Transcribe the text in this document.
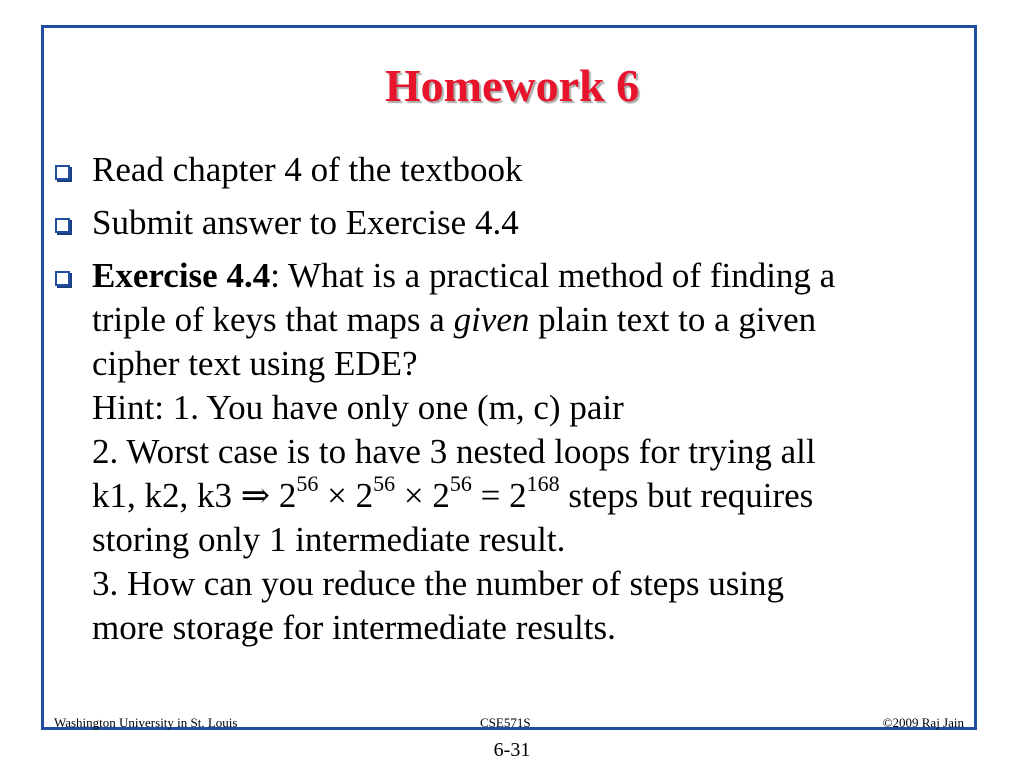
Homework 6
Read chapter 4 of the textbook
Submit answer to Exercise 4.4
Exercise 4.4: What is a practical method of finding a
triple of keys that maps a given plain text to a given
cipher text using EDE?
Hint: 1. You have only one (m, c) pair
2. Worst case is to have 3 nested loops for trying all
k1, k2, k3 ⇒ $2^{56} \times 2^{56} \times 2^{56} = 2^{168}$ steps but requires
storing only 1 intermediate result.
3. How can you reduce the number of steps using
more storage for intermediate results.
Washington University in St. Louis	CSE571S	©2009 Raj Jain
6-31
